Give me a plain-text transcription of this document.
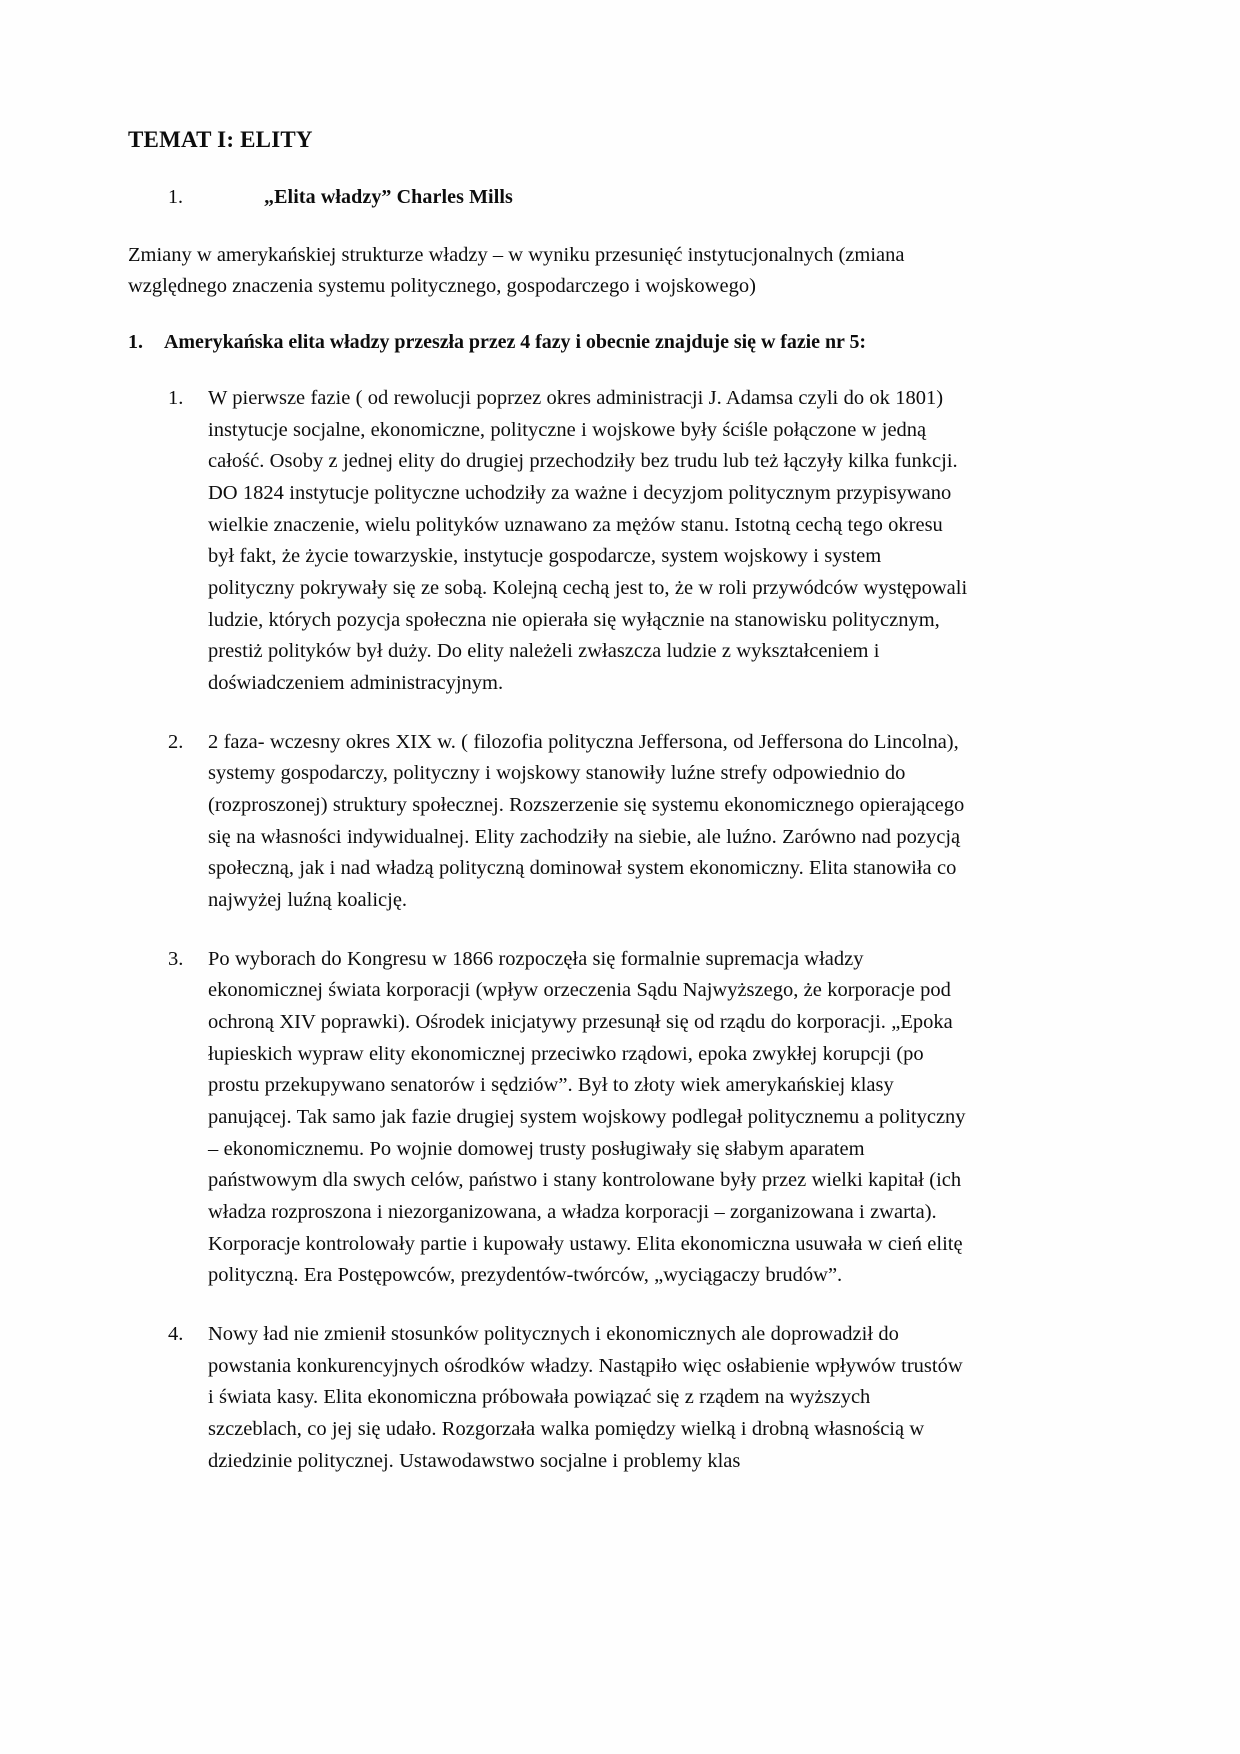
TEMAT I: ELITY
1.	„Elita władzy” Charles Mills

Zmiany w amerykańskiej strukturze władzy – w wyniku przesunięć instytucjonalnych (zmiana względnego znaczenia systemu politycznego, gospodarczego i wojskowego)

1.	Amerykańska elita władzy przeszła przez 4 fazy i obecnie znajduje się w fazie nr 5:
1.	W pierwsze fazie ( od rewolucji poprzez okres administracji J. Adamsa czyli do ok 1801) instytucje socjalne, ekonomiczne, polityczne i wojskowe były ściśle połączone w jedną całość. Osoby z jednej elity do drugiej przechodziły bez trudu lub też łączyły kilka funkcji. DO 1824 instytucje polityczne uchodziły za ważne i decyzjom politycznym przypisywano wielkie znaczenie, wielu polityków uznawano za mężów stanu. Istotną cechą tego okresu był fakt, że życie towarzyskie, instytucje gospodarcze, system wojskowy i system polityczny pokrywały się ze sobą. Kolejną cechą jest to, że w roli przywódców występowali ludzie, których pozycja społeczna nie opierała się wyłącznie na stanowisku politycznym, prestiż polityków był duży. Do elity należeli zwłaszcza ludzie z wykształceniem i doświadczeniem administracyjnym.
2.	2 faza- wczesny okres XIX w. ( filozofia polityczna Jeffersona, od Jeffersona do Lincolna), systemy gospodarczy, polityczny i wojskowy stanowiły luźne strefy odpowiednio do (rozproszonej) struktury społecznej. Rozszerzenie się systemu ekonomicznego opierającego się na własności indywidualnej. Elity zachodziły na siebie, ale luźno. Zarówno nad pozycją społeczną, jak i nad władzą polityczną dominował system ekonomiczny. Elita stanowiła co najwyżej luźną koalicję.
3.	Po wyborach do Kongresu w 1866 rozpoczęła się formalnie supremacja władzy ekonomicznej świata korporacji (wpływ orzeczenia Sądu Najwyższego, że korporacje pod ochroną XIV poprawki). Ośrodek inicjatywy przesunął się od rządu do korporacji. „Epoka łupieskich wypraw elity ekonomicznej przeciwko rządowi, epoka zwykłej korupcji (po prostu przekupywano senatorów i sędziów”. Był to złoty wiek amerykańskiej klasy panującej. Tak samo jak fazie drugiej system wojskowy podlegał politycznemu a polityczny – ekonomicznemu. Po wojnie domowej trusty posługiwały się słabym aparatem państwowym dla swych celów, państwo i stany kontrolowane były przez wielki kapitał (ich władza rozproszona i niezorganizowana, a władza korporacji – zorganizowana i zwarta). Korporacje kontrolowały partie i kupowały ustawy. Elita ekonomiczna usuwała w cień elitę polityczną. Era Postępowców, prezydentów-twórców, „wyciągaczy brudów”.
4.	Nowy ład nie zmienił stosunków politycznych i ekonomicznych ale doprowadził do powstania konkurencyjnych ośrodków władzy. Nastąpiło więc osłabienie wpływów trustów i świata kasy. Elita ekonomiczna próbowała powiązać się z rządem na wyższych szczeblach, co jej się udało. Rozgorzała walka pomiędzy wielką i drobną własnością w dziedzinie politycznej. Ustawodawstwo socjalne i problemy klas
